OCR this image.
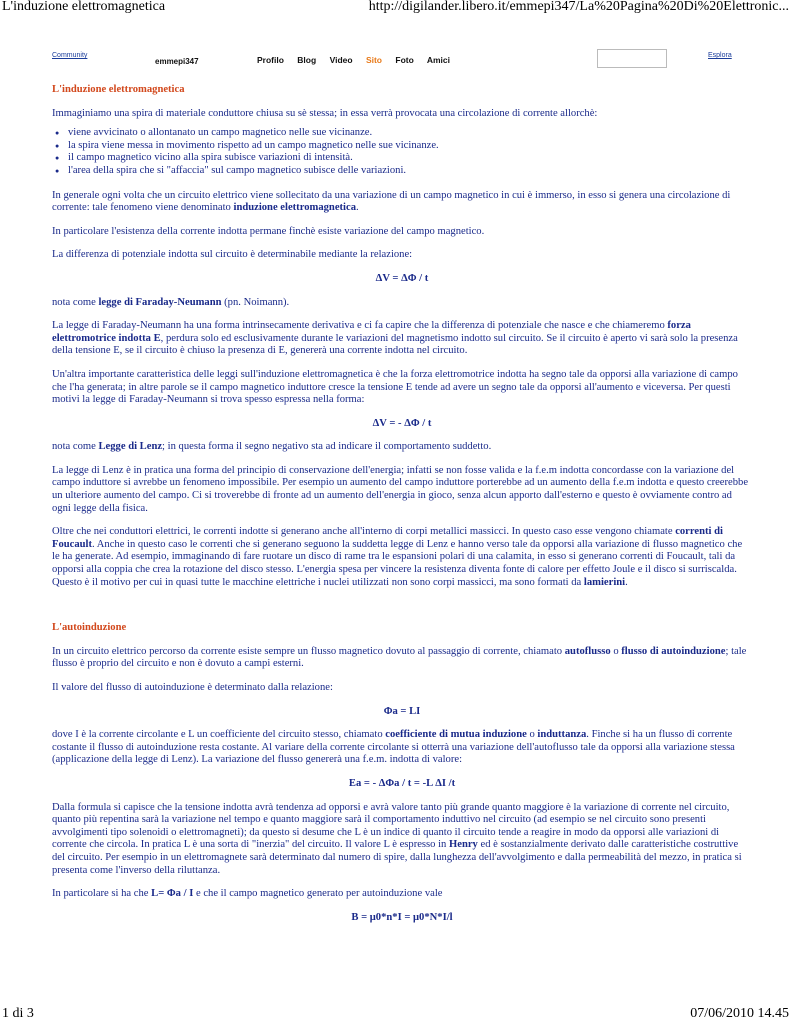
L'induzione elettromagnetica	http://digilander.libero.it/emmepi347/La%20Pagina%20Di%20Elettronic...
Community
emmepi347	Profilo Blog Video Sito Foto Amici	Esplora
L'induzione elettromagnetica

Immaginiamo una spira di materiale conduttore chiusa su sè stessa; in essa verrà provocata una circolazione di corrente allorchè:

● viene avvicinato o allontanato un campo magnetico nelle sue vicinanze.
● la spira viene messa in movimento rispetto ad un campo magnetico nelle sue vicinanze.
● il campo magnetico vicino alla spira subisce variazioni di intensità.
● l'area della spira che si "affaccia" sul campo magnetico subisce delle variazioni.

In generale ogni volta che un circuito elettrico viene sollecitato da una variazione di un campo magnetico in cui è immerso, in esso si genera una circolazione di corrente: tale fenomeno viene denominato induzione elettromagnetica.

In particolare l'esistenza della corrente indotta permane finchè esiste variazione del campo magnetico.

La differenza di potenziale indotta sul circuito è determinabile mediante la relazione:

ΔV = ΔΦ / t

nota come legge di Faraday-Neumann (pn. Noimann).

La legge di Faraday-Neumann ha una forma intrinsecamente derivativa e ci fa capire che la differenza di potenziale che nasce e che chiameremo forza elettromotrice indotta E, perdura solo ed esclusivamente durante le variazioni del magnetismo indotto sul circuito. Se il circuito è aperto vi sarà solo la presenza della tensione E, se il circuito è chiuso la presenza di E, genererà una corrente indotta nel circuito.

Un'altra importante caratteristica delle leggi sull'induzione elettromagnetica è che la forza elettromotrice indotta ha segno tale da opporsi alla variazione di campo che l'ha generata; in altre parole se il campo magnetico induttore cresce la tensione E tende ad avere un segno tale da opporsi all'aumento e viceversa. Per questi motivi la legge di Faraday-Neumann si trova spesso espressa nella forma:

ΔV = - ΔΦ / t

nota come Legge di Lenz; in questa forma il segno negativo sta ad indicare il comportamento suddetto.

La legge di Lenz è in pratica una forma del principio di conservazione dell'energia; infatti se non fosse valida e la f.e.m indotta concordasse con la variazione del campo induttore si avrebbe un fenomeno impossibile. Per esempio un aumento del campo induttore porterebbe ad un aumento della f.e.m indotta e questo creerebbe un ulteriore aumento del campo. Ci si troverebbe di fronte ad un aumento dell'energia in gioco, senza alcun apporto dall'esterno e questo è ovviamente contro ad ogni legge della fisica.

Oltre che nei conduttori elettrici, le correnti indotte si generano anche all'interno di corpi metallici massicci. In questo caso esse vengono chiamate correnti di Foucault. Anche in questo caso le correnti che si generano seguono la suddetta legge di Lenz e hanno verso tale da opporsi alla variazione di flusso magnetico che le ha generate. Ad esempio, immaginando di fare ruotare un disco di rame tra le espansioni polari di una calamita, in esso si generano correnti di Foucault, tali da opporsi alla coppia che crea la rotazione del disco stesso. L'energia spesa per vincere la resistenza diventa fonte di calore per effetto Joule e il disco si surriscalda. Questo è il motivo per cui in quasi tutte le macchine elettriche i nuclei utilizzati non sono corpi massicci, ma sono formati da lamierini.

L'autoinduzione

In un circuito elettrico percorso da corrente esiste sempre un flusso magnetico dovuto al passaggio di corrente, chiamato autoflusso o flusso di autoinduzione; tale flusso è proprio del circuito e non è dovuto a campi esterni.

Il valore del flusso di autoinduzione è determinato dalla relazione:

Φa = LI

dove I è la corrente circolante e L un coefficiente del circuito stesso, chiamato coefficiente di mutua induzione o induttanza. Finche si ha un flusso di corrente costante il flusso di autoinduzione resta costante. Al variare della corrente circolante si otterrà una variazione dell'autoflusso tale da opporsi alla variazione stessa (applicazione della legge di Lenz). La variazione del flusso genererà una f.e.m. indotta di valore:

Ea = - ΔΦa / t = -L ΔI /t

Dalla formula si capisce che la tensione indotta avrà tendenza ad opporsi e avrà valore tanto più grande quanto maggiore è la variazione di corrente nel circuito, quanto più repentina sarà la variazione nel tempo e quanto maggiore sarà il comportamento induttivo nel circuito (ad esempio se nel circuito sono presenti avvolgimenti tipo solenoidi o elettromagneti); da questo si desume che L è un indice di quanto il circuito tende a reagire in modo da opporsi alle variazioni di corrente che circola. In pratica L è una sorta di "inerzia" del circuito. Il valore L è espresso in Henry ed è sostanzialmente derivato dalle caratteristiche costruttive del circuito. Per esempio in un elettromagnete sarà determinato dal numero di spire, dalla lunghezza dell'avvolgimento e dalla permeabilità del mezzo, in pratica si presenta come l'inverso della riluttanza.

In particolare si ha che L= Φa / I e che il campo magnetico generato per autoinduzione vale

B = μ0*n*I = μ0*N*I/l
1 di 3	07/06/2010 14.45
